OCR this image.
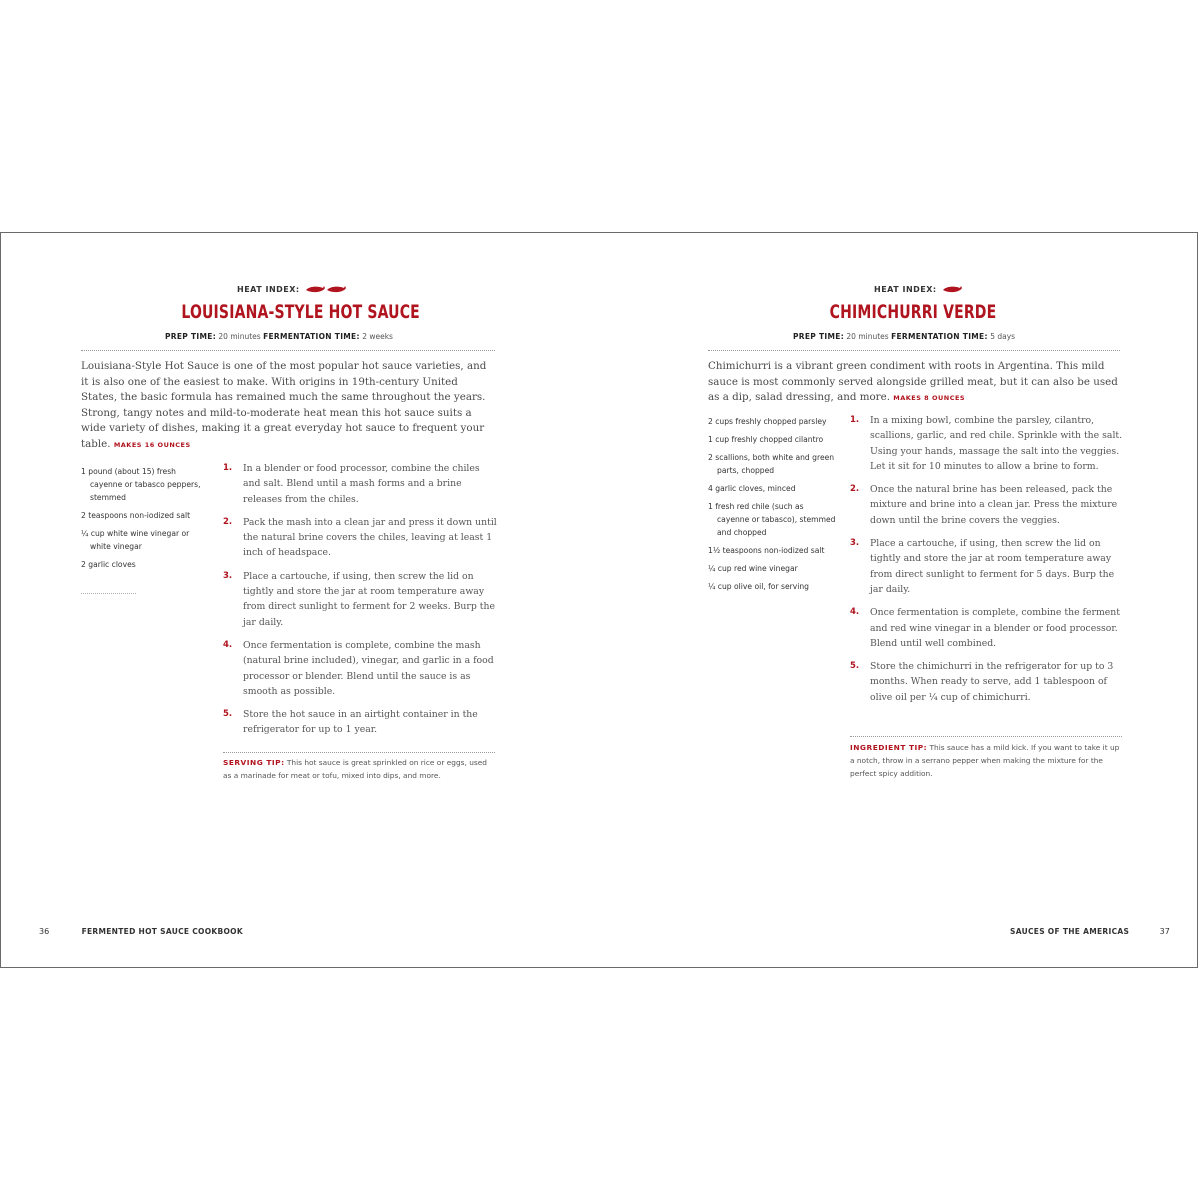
HEAT INDEX:
LOUISIANA-STYLE HOT SAUCE
PREP TIME: 20 minutes FERMENTATION TIME: 2 weeks
Louisiana-Style Hot Sauce is one of the most popular hot sauce varieties, and it is also one of the easiest to make. With origins in 19th-century United States, the basic formula has remained much the same throughout the years. Strong, tangy notes and mild-to-moderate heat mean this hot sauce suits a wide variety of dishes, making it a great everyday hot sauce to frequent your table. MAKES 16 OUNCES
1 pound (about 15) fresh cayenne or tabasco peppers, stemmed
2 teaspoons non-iodized salt
¼ cup white wine vinegar or white vinegar
2 garlic cloves
1.	In a blender or food processor, combine the chiles and salt. Blend until a mash forms and a brine releases from the chiles.
2.	Pack the mash into a clean jar and press it down until the natural brine covers the chiles, leaving at least 1 inch of headspace.
3.	Place a cartouche, if using, then screw the lid on tightly and store the jar at room temperature away from direct sunlight to ferment for 2 weeks. Burp the jar daily.
4.	Once fermentation is complete, combine the mash (natural brine included), vinegar, and garlic in a food processor or blender. Blend until the sauce is as smooth as possible.
5.	Store the hot sauce in an airtight container in the refrigerator for up to 1 year.
SERVING TIP: This hot sauce is great sprinkled on rice or eggs, used as a marinade for meat or tofu, mixed into dips, and more.
36	FERMENTED HOT SAUCE COOKBOOK
HEAT INDEX:
CHIMICHURRI VERDE
PREP TIME: 20 minutes FERMENTATION TIME: 5 days
Chimichurri is a vibrant green condiment with roots in Argentina. This mild sauce is most commonly served alongside grilled meat, but it can also be used as a dip, salad dressing, and more. MAKES 8 OUNCES
2 cups freshly chopped parsley
1 cup freshly chopped cilantro
2 scallions, both white and green parts, chopped
4 garlic cloves, minced
1 fresh red chile (such as cayenne or tabasco), stemmed and chopped
1½ teaspoons non-iodized salt
¼ cup red wine vinegar
¼ cup olive oil, for serving
1.	In a mixing bowl, combine the parsley, cilantro, scallions, garlic, and red chile. Sprinkle with the salt. Using your hands, massage the salt into the veggies. Let it sit for 10 minutes to allow a brine to form.
2.	Once the natural brine has been released, pack the mixture and brine into a clean jar. Press the mixture down until the brine covers the veggies.
3.	Place a cartouche, if using, then screw the lid on tightly and store the jar at room temperature away from direct sunlight to ferment for 5 days. Burp the jar daily.
4.	Once fermentation is complete, combine the ferment and red wine vinegar in a blender or food processor. Blend until well combined.
5.	Store the chimichurri in the refrigerator for up to 3 months. When ready to serve, add 1 tablespoon of olive oil per ¼ cup of chimichurri.
INGREDIENT TIP: This sauce has a mild kick. If you want to take it up a notch, throw in a serrano pepper when making the mixture for the perfect spicy addition.
SAUCES OF THE AMERICAS	37
